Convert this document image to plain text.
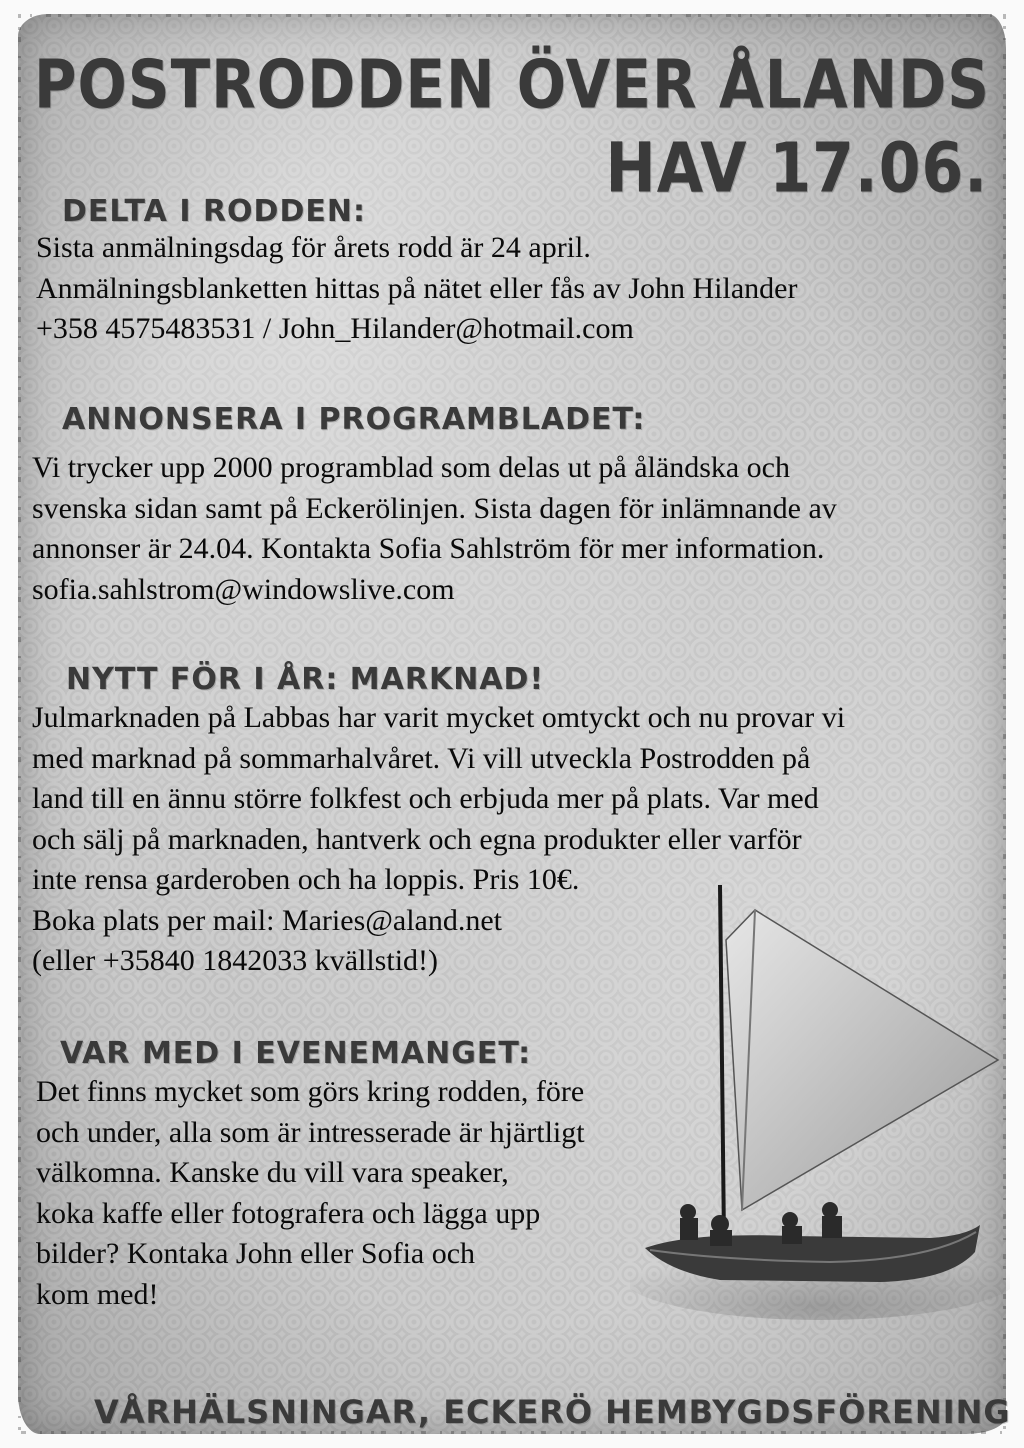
POSTRODDEN ÖVER ÅLANDS
HAV 17.06.
DELTA I RODDEN:
Sista anmälningsdag för årets rodd är 24 april.
Anmälningsblanketten hittas på nätet eller fås av John Hilander
+358 4575483531 / John_Hilander@hotmail.com
ANNONSERA I PROGRAMBLADET:
Vi trycker upp 2000 programblad som delas ut på åländska och
svenska sidan samt på Eckerölinjen. Sista dagen för inlämnande av
annonser är 24.04. Kontakta Sofia Sahlström för mer information.
sofia.sahlstrom@windowslive.com
NYTT FÖR I ÅR: MARKNAD!
Julmarknaden på Labbas har varit mycket omtyckt och nu provar vi
med marknad på sommarhalvåret. Vi vill utveckla Postrodden på
land till en ännu större folkfest och erbjuda mer på plats. Var med
och sälj på marknaden, hantverk och egna produkter eller varför
inte rensa garderoben och ha loppis. Pris 10€.
Boka plats per mail: Maries@aland.net
(eller +35840 1842033 kvällstid!)
VAR MED I EVENEMANGET:
Det finns mycket som görs kring rodden, före
och under, alla som är intresserade är hjärtligt
välkomna. Kanske du vill vara speaker,
koka kaffe eller fotografera och lägga upp
bilder? Kontaka John eller Sofia och
kom med!
VÅRHÄLSNINGAR, ECKERÖ HEMBYGDSFÖRENING
